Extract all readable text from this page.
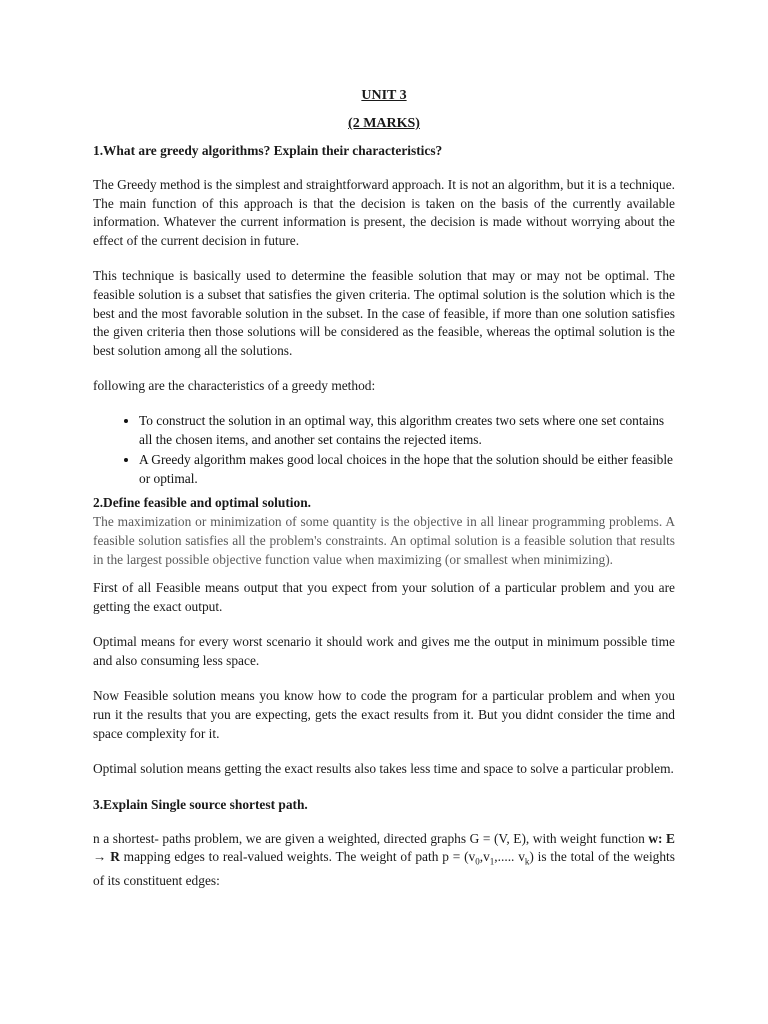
UNIT 3
(2 MARKS)
1.What are greedy algorithms? Explain their characteristics?

The Greedy method is the simplest and straightforward approach. It is not an algorithm, but it is a technique. The main function of this approach is that the decision is taken on the basis of the currently available information. Whatever the current information is present, the decision is made without worrying about the effect of the current decision in future.

This technique is basically used to determine the feasible solution that may or may not be optimal. The feasible solution is a subset that satisfies the given criteria. The optimal solution is the solution which is the best and the most favorable solution in the subset. In the case of feasible, if more than one solution satisfies the given criteria then those solutions will be considered as the feasible, whereas the optimal solution is the best solution among all the solutions.

following are the characteristics of a greedy method:

• To construct the solution in an optimal way, this algorithm creates two sets where one set contains all the chosen items, and another set contains the rejected items.
• A Greedy algorithm makes good local choices in the hope that the solution should be either feasible or optimal.
2.Define feasible and optimal solution.

The maximization or minimization of some quantity is the objective in all linear programming problems. A feasible solution satisfies all the problem's constraints. An optimal solution is a feasible solution that results in the largest possible objective function value when maximizing (or smallest when minimizing).

First of all Feasible means output that you expect from your solution of a particular problem and you are getting the exact output.

Optimal means for every worst scenario it should work and gives me the output in minimum possible time and also consuming less space.

Now Feasible solution means you know how to code the program for a particular problem and when you run it the results that you are expecting, gets the exact results from it. But you didnt consider the time and space complexity for it.

Optimal solution means getting the exact results also takes less time and space to solve a particular problem.

3.Explain Single source shortest path.

n a shortest- paths problem, we are given a weighted, directed graphs G = (V, E), with weight function w: E → R mapping edges to real-valued weights. The weight of path $p = (v_0,v_1$,..... $v_k$) is the total of the weights of its constituent edges:
